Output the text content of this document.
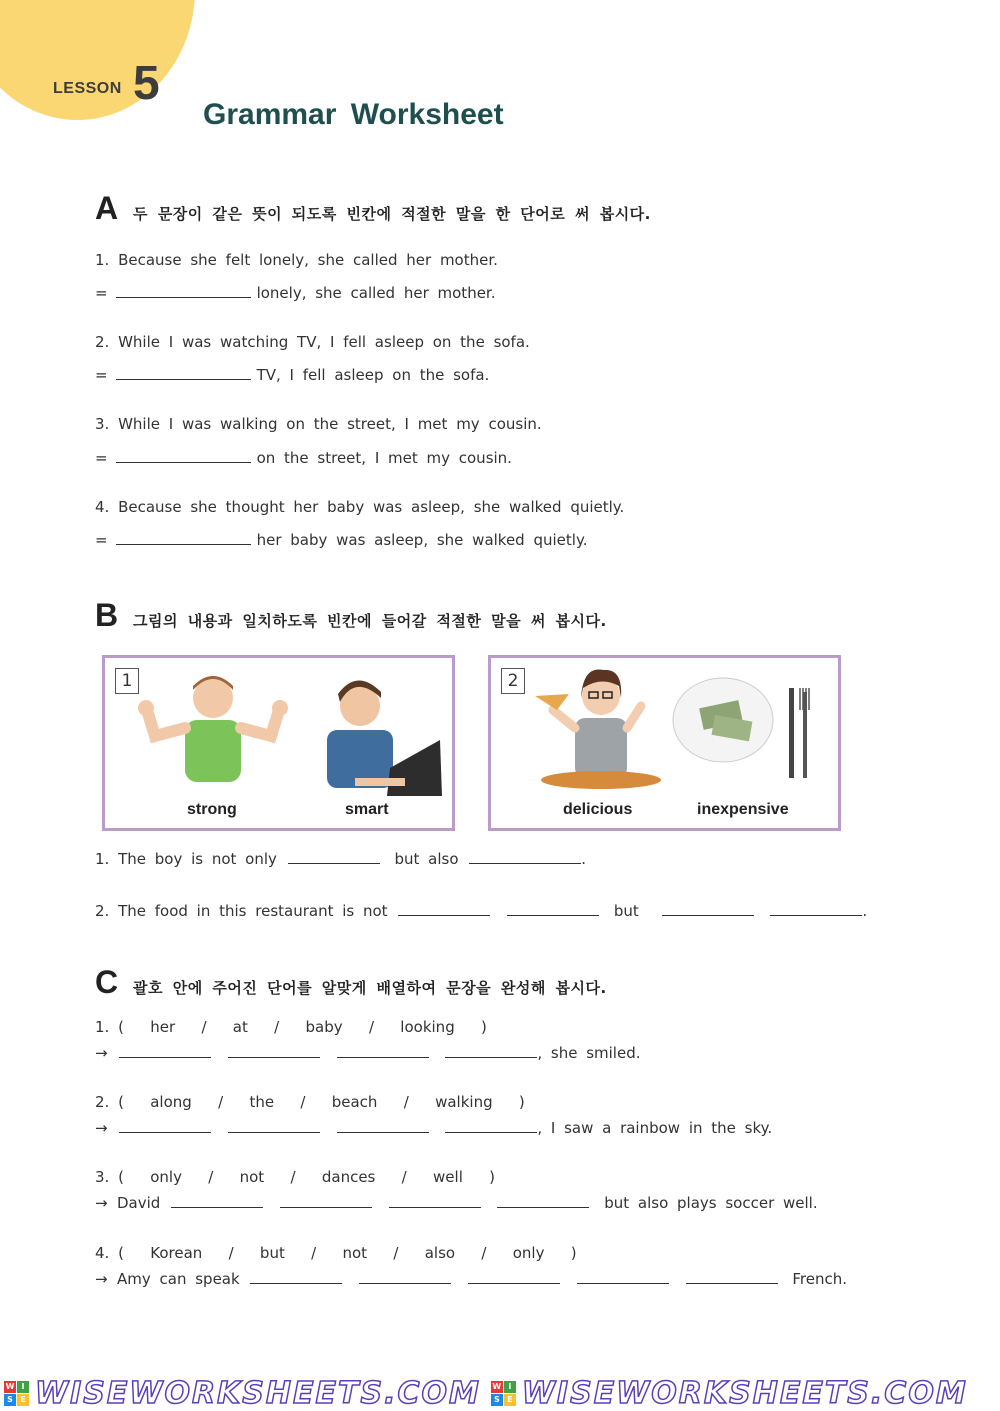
LESSON 5
Grammar Worksheet
A 두 문장이 같은 뜻이 되도록 빈칸에 적절한 말을 한 단어로 써 봅시다.
1. Because she felt lonely, she called her mother.
=	lonely, she called her mother.
2. While I was watching TV, I fell asleep on the sofa.
=	TV, I fell asleep on the sofa.
3. While I was walking on the street, I met my cousin.
=	on the street, I met my cousin.
4. Because she thought her baby was asleep, she walked quietly.
=	her baby was asleep, she walked quietly.
B 그림의 내용과 일치하도록 빈칸에 들어갈 적절한 말을 써 봅시다.
1
strong	smart
2
delicious	inexpensive
1. The boy is not only	but also	.
2. The food in this restaurant is not	but	.
C 괄호 안에 주어진 단어를 알맞게 배열하여 문장을 완성해 봅시다.
1. (   her   /   at   /   baby   /   looking   )
→	, she smiled.
2. (   along   /   the   /   beach   /   walking   )
→	, I saw a rainbow in the sky.
3. (   only   /   not   /   dances   /   well   )
→ David	but also plays soccer well.
4. (   Korean   /   but   /   not   /   also   /   only   )
→ Amy can speak	French.
W I
S E WISEWORKSHEETS.COM W I
S E WISEWORKSHEETS.COM
